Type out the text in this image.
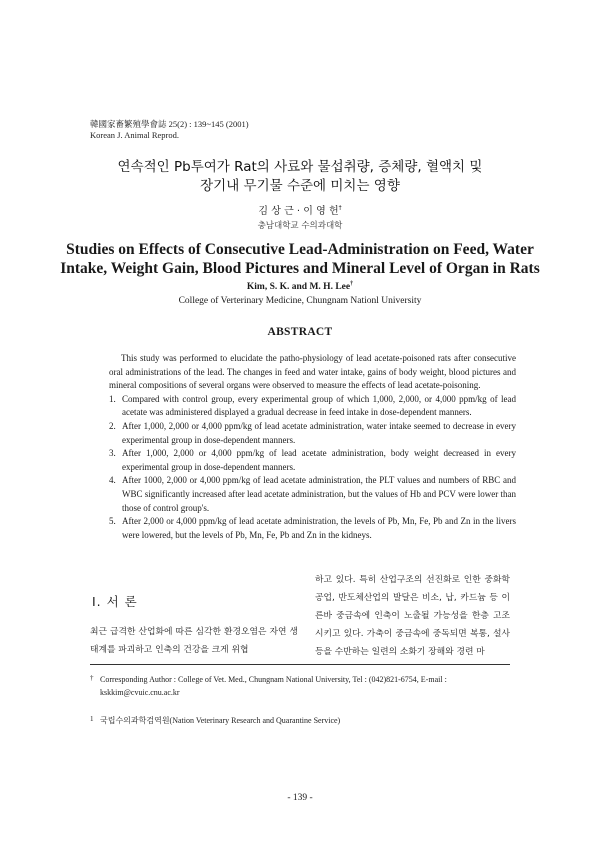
韓國家畜繁殖學會誌 25(2) : 139~145 (2001)
Korean J. Animal Reprod.
연속적인 Pb투여가 Rat의 사료와 물섭취량, 증체량, 혈액치 및
장기내 무기물 수준에 미치는 영향
김 상 근 · 이 영 헌†
충남대학교 수의과대학
Studies on Effects of Consecutive Lead-Administration on Feed, Water
Intake, Weight Gain, Blood Pictures and Mineral Level of Organ in Rats
Kim, S. K. and M. H. Lee†
College of Verterinary Medicine, Chungnam Nationl University
ABSTRACT

This study was performed to elucidate the patho-physiology of lead acetate-poisoned rats after consecutive oral administrations of the lead. The changes in feed and water intake, gains of body weight, blood pictures and mineral compositions of several organs were observed to measure the effects of lead acetate-poisoning.

1. Compared with control group, every experimental group of which 1,000, 2,000, or 4,000 ppm/kg of lead acetate was administered displayed a gradual decrease in feed intake in dose-dependent manners.
2. After 1,000, 2,000 or 4,000 ppm/kg of lead acetate administration, water intake seemed to decrease in every experimental group in dose-dependent manners.
3. After 1,000, 2,000 or 4,000 ppm/kg of lead acetate administration, body weight decreased in every experimental group in dose-dependent manners.
4. After 1000, 2,000 or 4,000 ppm/kg of lead acetate administration, the PLT values and numbers of RBC and WBC significantly increased after lead acetate administration, but the values of Hb and PCV were lower than those of control group's.
5. After 2,000 or 4,000 ppm/kg of lead acetate administration, the levels of Pb, Mn, Fe, Pb and Zn in the livers were lowered, but the levels of Pb, Mn, Fe, Pb and Zn in the kidneys.
Ⅰ. 서 론
최근 급격한 산업화에 따른 심각한 환경오염은 자연 생태계를 파괴하고 인축의 건강을 크게 위협
하고 있다. 특히 산업구조의 선진화로 인한 중화학 공업, 반도체산업의 발달은 비소, 납, 카드늄 등 이른바 중금속에 인축이 노출될 가능성을 한층 고조시키고 있다. 가축이 중금속에 중독되면 복통, 설사 등을 수반하는 일련의 소화기 장해와 경련 마
† Corresponding Author : College of Vet. Med., Chungnam National University, Tel : (042)821-6754, E-mail : kskkim@cvuic.cnu.ac.kr
1 국립수의과학검역원(Nation Veterinary Research and Quarantine Service)
- 139 -
